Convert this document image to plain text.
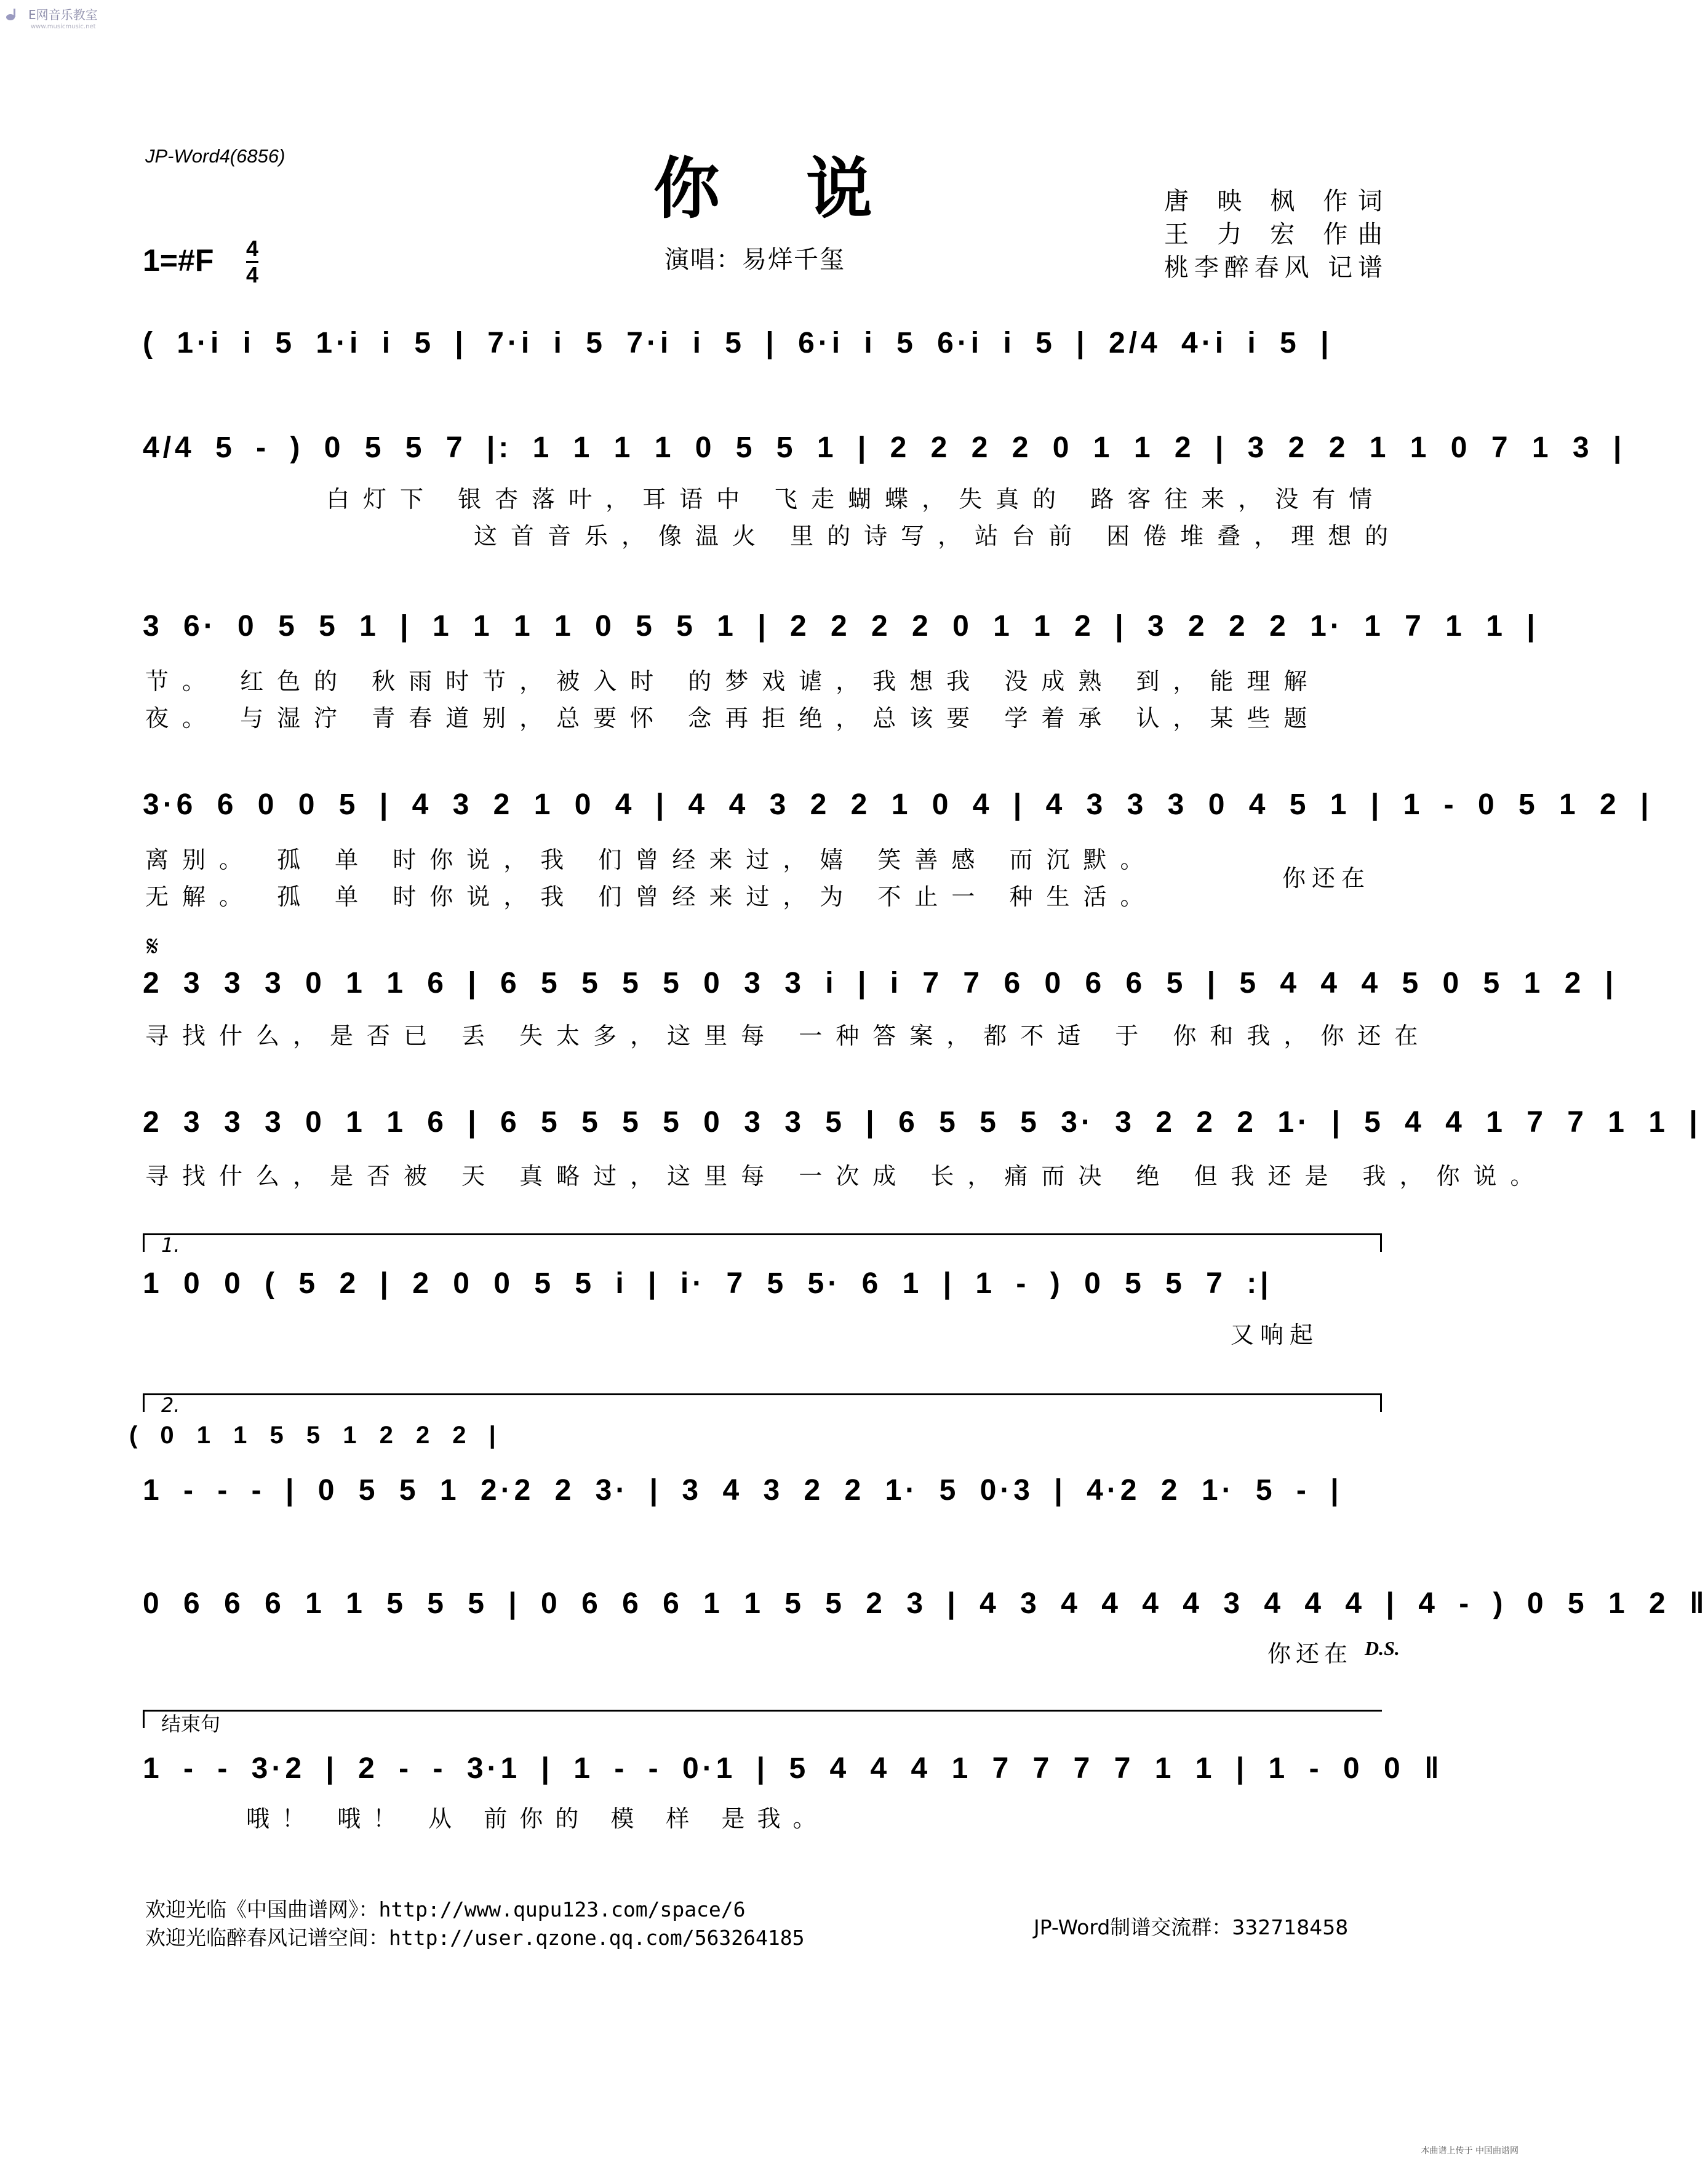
E网音乐教室
www.musicmusic.net
JP-Word4(6856)	你说	唐 映 枫 作词
王 力 宏 作曲
桃李醉春风 记谱
1=#F 4
4
演唱：易烊千玺
( 1·i i 5 1·i i 5 | 7·i i 5 7·i i 5 | 6·i i 5 6·i i 5 | 2/4 4·i i 5 |
4/4 5 - ) 0 5 5 7 |: 1 1 1 1 0 5 5 1 | 2 2 2 2 0 1 1 2 | 3 2 2 1 1 0 7 1 3 |
白灯下 银杏落叶，耳语中 飞走蝴蝶，失真的 路客往来，没有情
这首音乐，像温火 里的诗写，站台前 困倦堆叠，理想的
3 6· 0 5 5 1 | 1 1 1 1 0 5 5 1 | 2 2 2 2 0 1 1 2 | 3 2 2 2 1· 1 7 1 1 |
节。 红色的 秋雨时节，被入时 的梦戏谑，我想我 没成熟 到，能理解
夜。 与湿泞 青春道别，总要怀 念再拒绝，总该要 学着承 认，某些题
3·6 6 0 0 5 | 4 3 2 1 0 4 | 4 4 3 2 2 1 0 4 | 4 3 3 3 0 4 5 1 | 1 - 0 5 1 2 |
离别。 孤 单 时你说，我 们曾经来过，嬉 笑善感 而沉默。
无解。 孤 单 时你说，我 们曾经来过，为 不止一 种生活。
你还在
𝄋
2 3 3 3 0 1 1 6 | 6 5 5 5 5 0 3 3 i | i 7 7 6 0 6 6 5 | 5 4 4 4 5 0 5 1 2 |
寻找什么，是否已 丢 失太多，这里每 一种答案，都不适 于 你和我，你还在
2 3 3 3 0 1 1 6 | 6 5 5 5 5 0 3 3 5 | 6 5 5 5 3· 3 2 2 2 1· | 5 4 4 1 7 7 1 1 |
寻找什么，是否被 天 真略过，这里每 一次成 长，痛而决 绝 但我还是 我，你说。
1.
1 0 0 ( 5 2 | 2 0 0 5 5 i | i· 7 5 5· 6 1 | 1 - ) 0 5 5 7 :|
又响起
2.
( 0 1 1 5 5 1 2 2 2 |
1 - - - | 0 5 5 1 2·2 2 3· | 3 4 3 2 2 1· 5 0·3 | 4·2 2 1· 5 - |
0 6 6 6 1 1 5 5 5 | 0 6 6 6 1 1 5 5 2 3 | 4 3 4 4 4 4 3 4 4 4 | 4 - ) 0 5 1 2 ‖
你还在 D.S.
结束句
1 - - 3·2 | 2 - - 3·1 | 1 - - 0·1 | 5 4 4 4 1 7 7 7 7 1 1 | 1 - 0 0 ‖
哦！ 哦！ 从 前你的 模 样 是我。
欢迎光临《中国曲谱网》：http://www.qupu123.com/space/6
欢迎光临醉春风记谱空间：http://user.qzone.qq.com/563264185	JP-Word制谱交流群：332718458
本曲谱上传于 中国曲谱网
